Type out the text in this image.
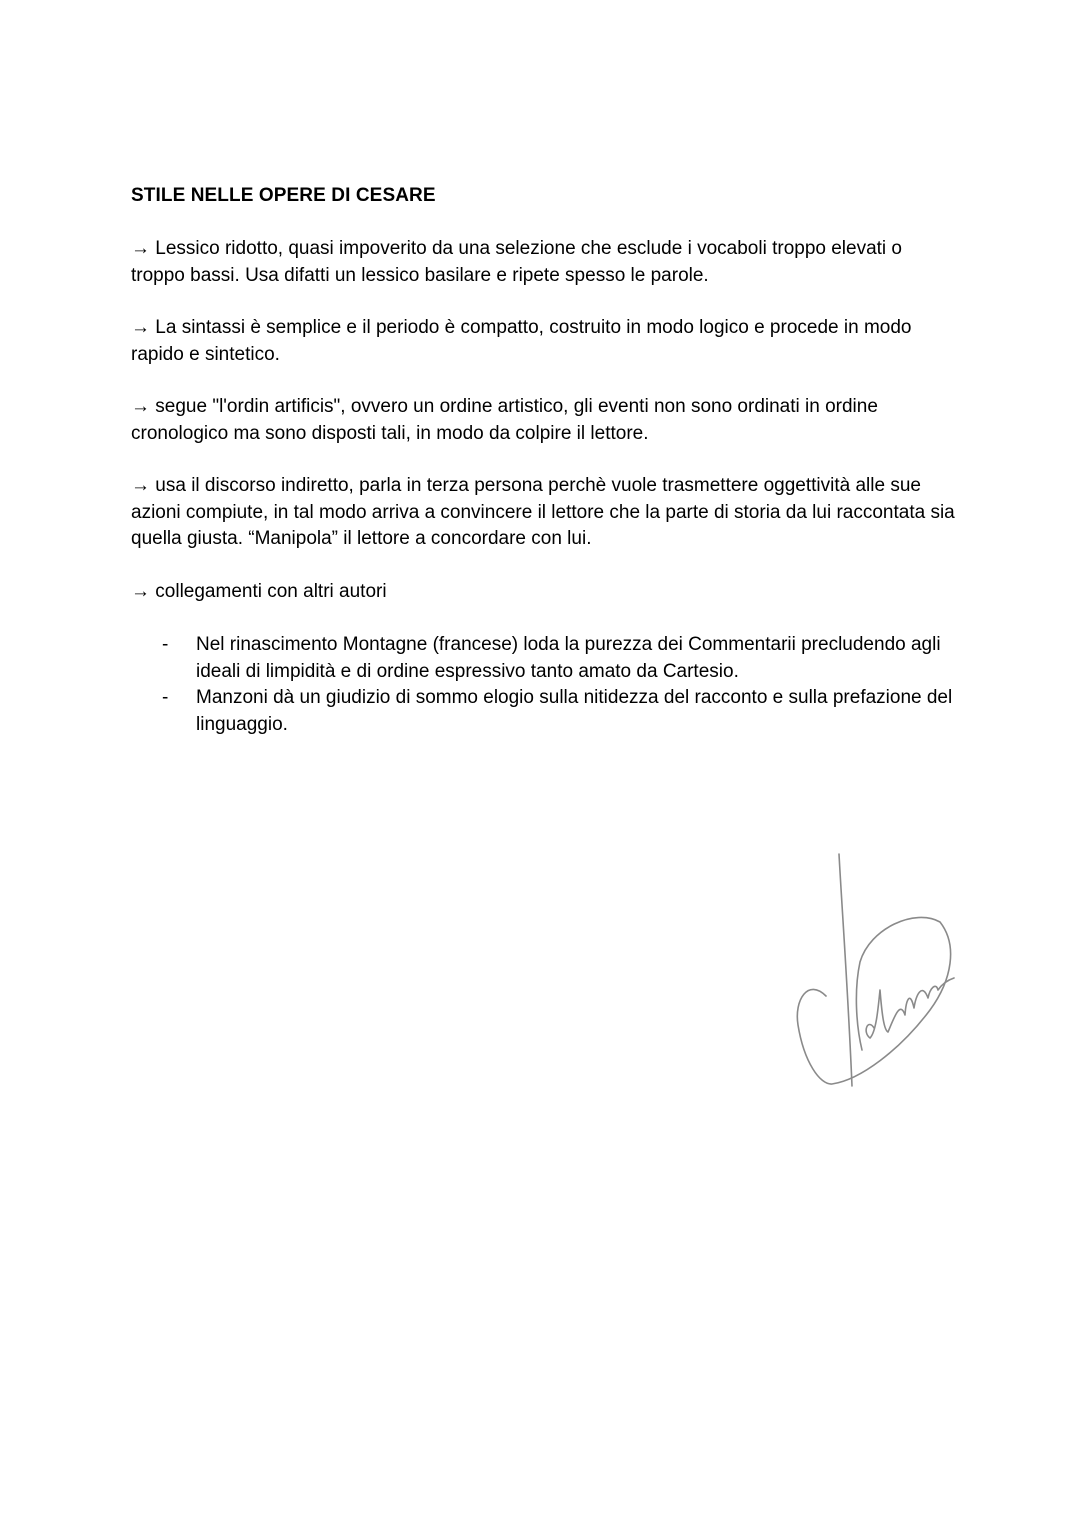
STILE NELLE OPERE DI CESARE

→ Lessico ridotto, quasi impoverito da una selezione che esclude i vocaboli troppo elevati o troppo bassi. Usa difatti un lessico basilare e ripete spesso le parole.

→ La sintassi è semplice e il periodo è compatto, costruito in modo logico e procede in modo rapido e sintetico.

→ segue "l'ordin artificis", ovvero un ordine artistico, gli eventi non sono ordinati in ordine cronologico ma sono disposti tali, in modo da colpire il lettore.

→ usa il discorso indiretto, parla in terza persona perchè vuole trasmettere oggettività alle sue azioni compiute, in tal modo arriva a convincere il lettore che la parte di storia da lui raccontata sia quella giusta. “Manipola” il lettore a concordare con lui.

→ collegamenti con altri autori

- Nel rinascimento Montagne (francese) loda la purezza dei Commentarii precludendo agli ideali di limpidità e di ordine espressivo tanto amato da Cartesio.
- Manzoni dà un giudizio di sommo elogio sulla nitidezza del racconto e sulla prefazione del linguaggio.
